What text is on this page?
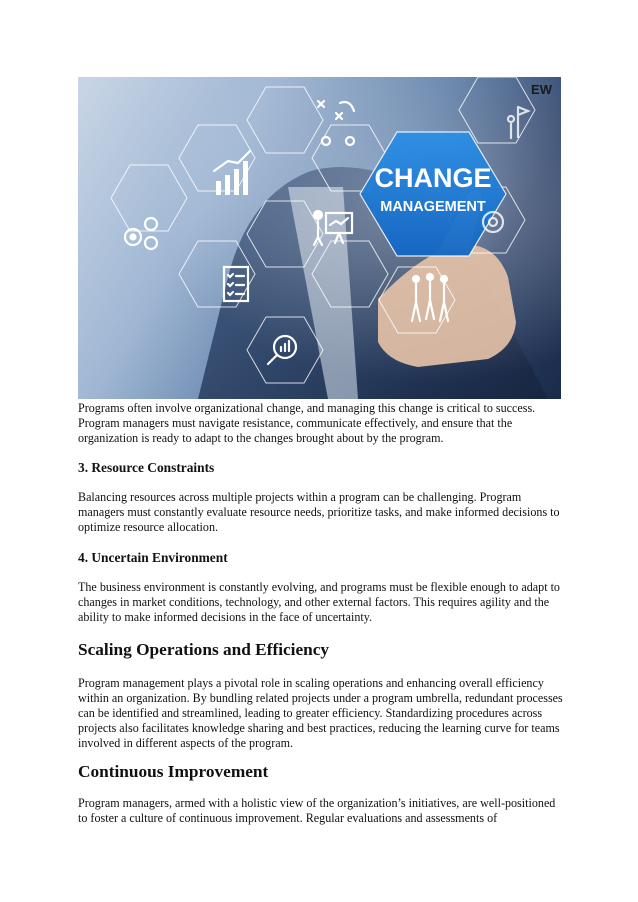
CHANGE
MANAGEMENT
EW

Programs often involve organizational change, and managing this change is critical to success. Program managers must navigate resistance, communicate effectively, and ensure that the organization is ready to adapt to the changes brought about by the program.

3. Resource Constraints

Balancing resources across multiple projects within a program can be challenging. Program managers must constantly evaluate resource needs, prioritize tasks, and make informed decisions to optimize resource allocation.

4. Uncertain Environment

The business environment is constantly evolving, and programs must be flexible enough to adapt to changes in market conditions, technology, and other external factors. This requires agility and the ability to make informed decisions in the face of uncertainty.

Scaling Operations and Efficiency

Program management plays a pivotal role in scaling operations and enhancing overall efficiency within an organization. By bundling related projects under a program umbrella, redundant processes can be identified and streamlined, leading to greater efficiency. Standardizing procedures across projects also facilitates knowledge sharing and best practices, reducing the learning curve for teams involved in different aspects of the program.

Continuous Improvement

Program managers, armed with a holistic view of the organization’s initiatives, are well-positioned to foster a culture of continuous improvement. Regular evaluations and assessments of
